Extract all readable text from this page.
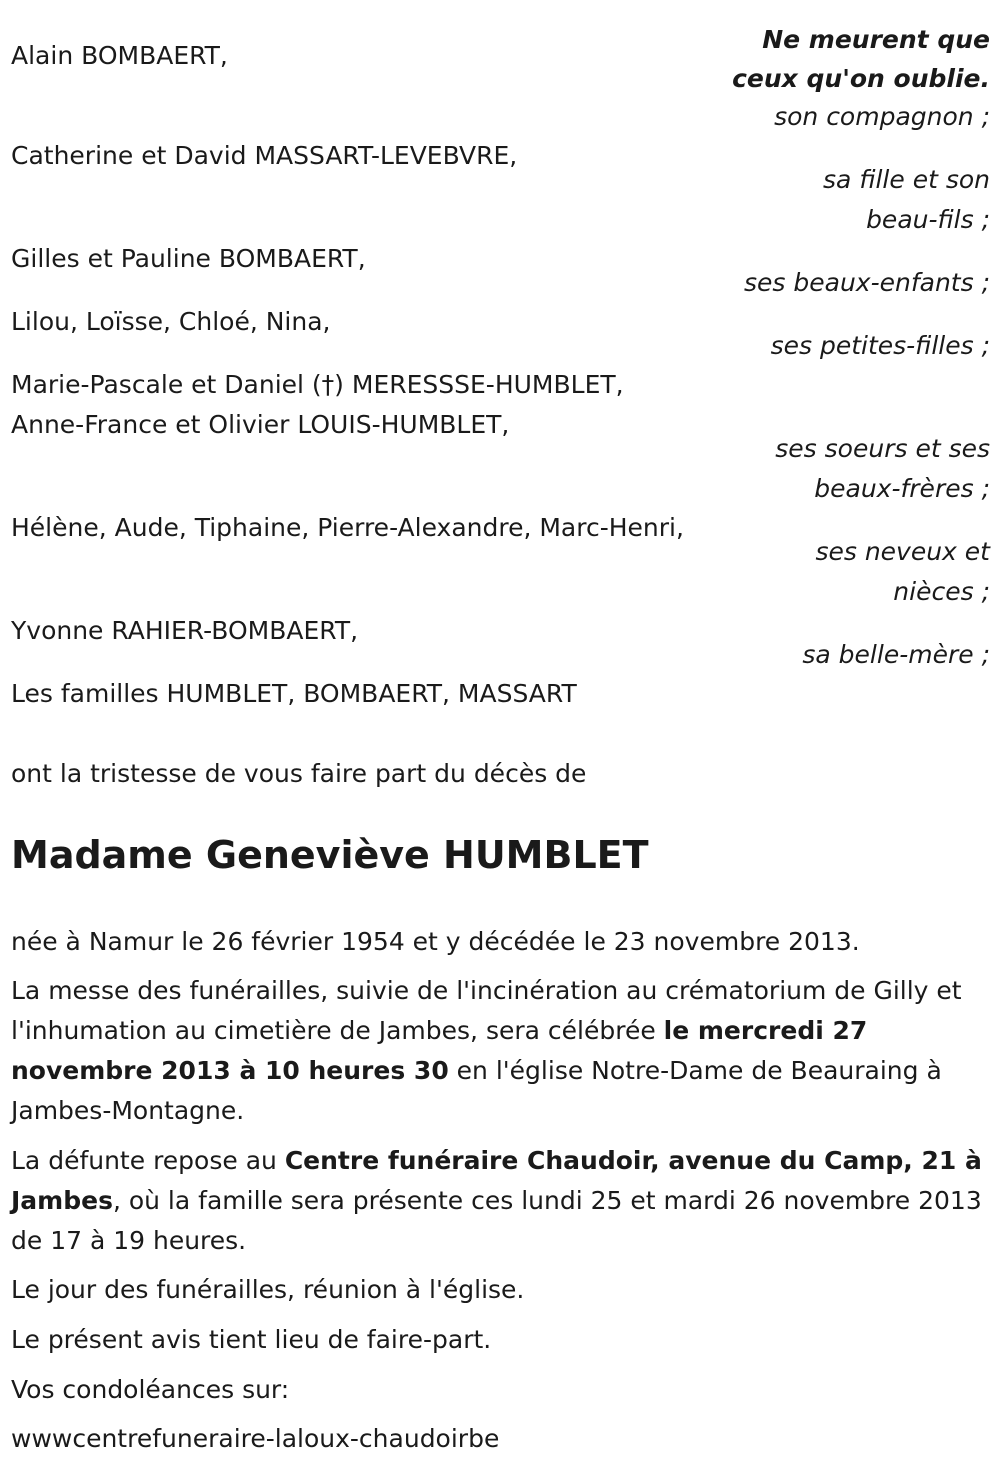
Ne meurent que
ceux qu'on oublie.
Alain BOMBAERT,
son compagnon ;
Catherine et David MASSART-LEVEBVRE,
sa fille et son
beau-fils ;
Gilles et Pauline BOMBAERT,
ses beaux-enfants ;
Lilou, Loïsse, Chloé, Nina,
ses petites-filles ;
Marie-Pascale et Daniel (†) MERESSSE-HUMBLET,
Anne-France et Olivier LOUIS-HUMBLET,
ses soeurs et ses
beaux-frères ;
Hélène, Aude, Tiphaine, Pierre-Alexandre, Marc-Henri,
ses neveux et
nièces ;
Yvonne RAHIER-BOMBAERT,
sa belle-mère ;
Les familles HUMBLET, BOMBAERT, MASSART
ont la tristesse de vous faire part du décès de
Madame Geneviève HUMBLET
née à Namur le 26 février 1954 et y décédée le 23 novembre 2013.
La messe des funérailles, suivie de l'incinération au crématorium de Gilly et l'inhumation au cimetière de Jambes, sera célébrée le mercredi 27 novembre 2013 à 10 heures 30 en l'église Notre-Dame de Beauraing à Jambes-Montagne.
La défunte repose au Centre funéraire Chaudoir, avenue du Camp, 21 à Jambes, où la famille sera présente ces lundi 25 et mardi 26 novembre 2013 de 17 à 19 heures.
Le jour des funérailles, réunion à l'église.
Le présent avis tient lieu de faire-part.
Vos condoléances sur:
wwwcentrefuneraire-laloux-chaudoirbe
